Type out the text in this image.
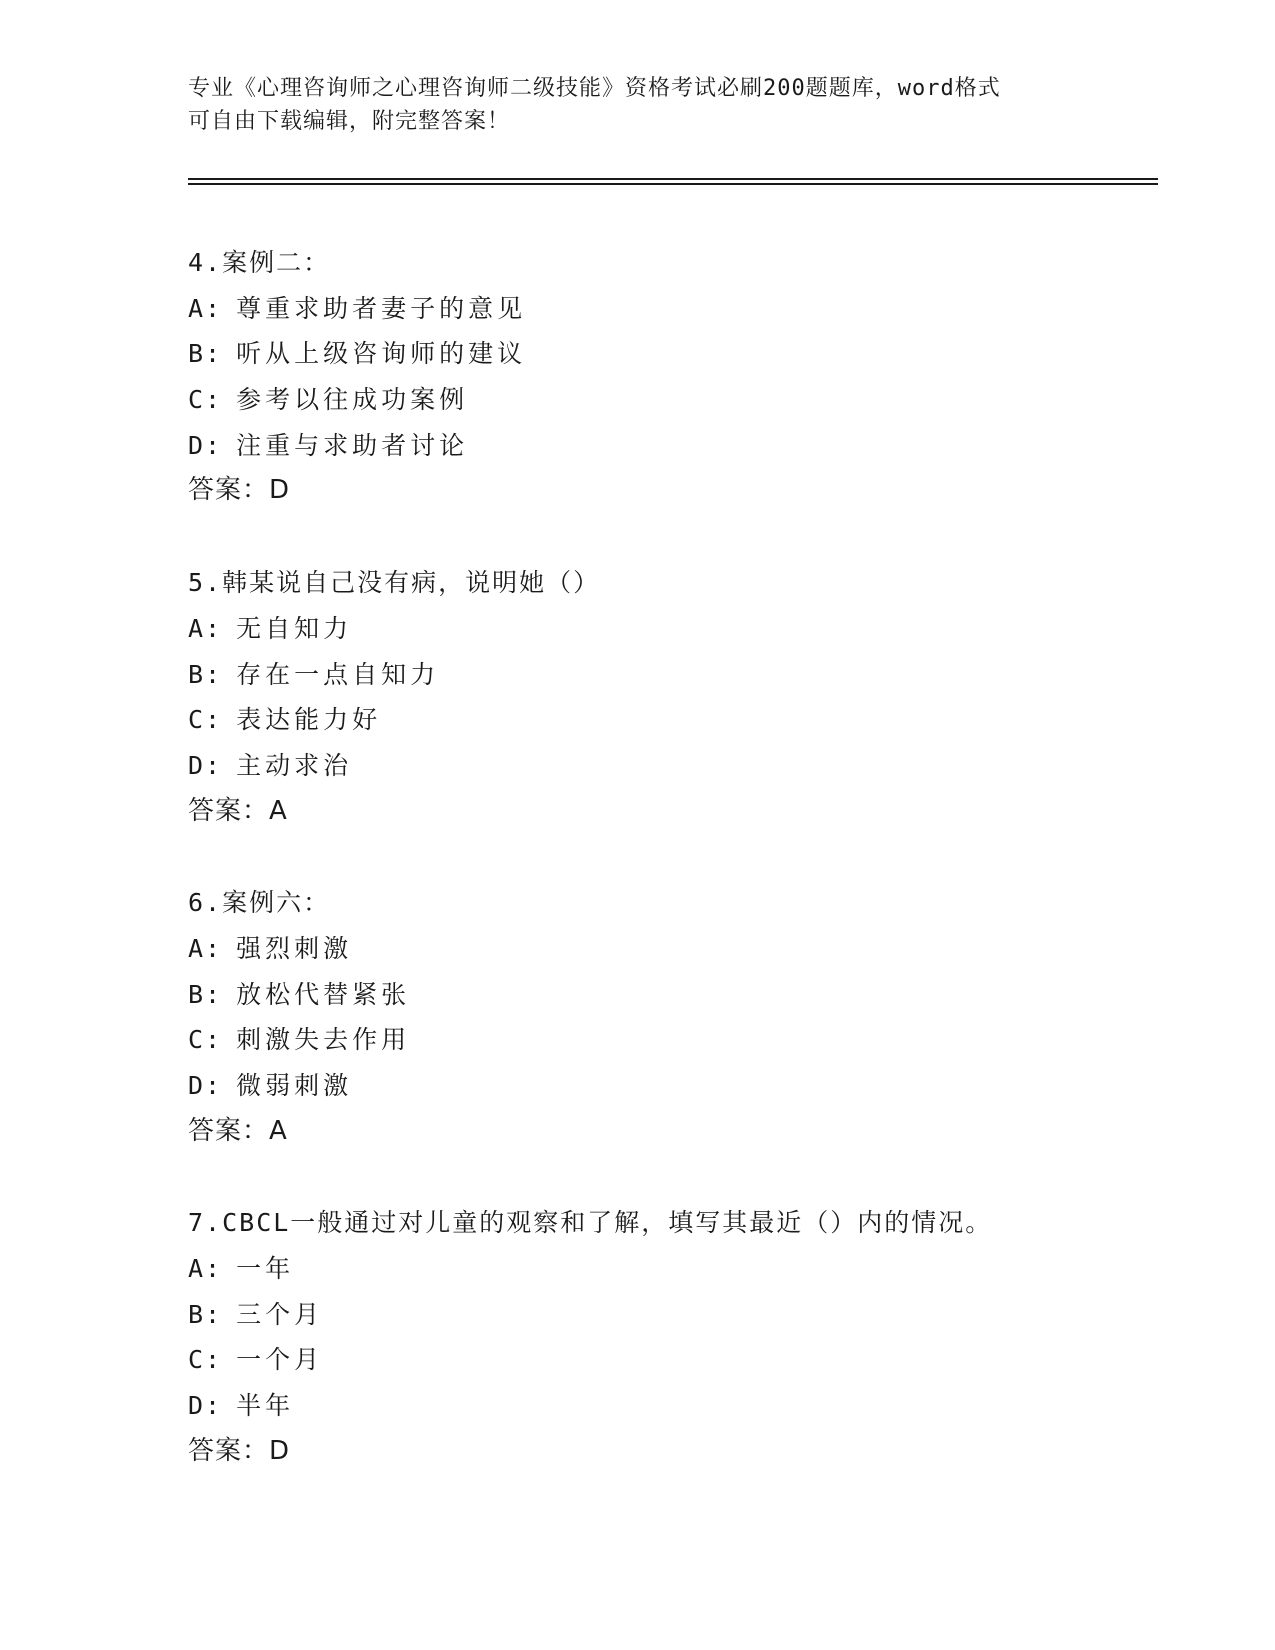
专业《心理咨询师之心理咨询师二级技能》资格考试必刷200题题库，word格式
可自由下载编辑，附完整答案！
4.案例二：
A: 尊重求助者妻子的意见
B: 听从上级咨询师的建议
C: 参考以往成功案例
D: 注重与求助者讨论
答案：D
5.韩某说自己没有病，说明她（）
A: 无自知力
B: 存在一点自知力
C: 表达能力好
D: 主动求治
答案：A
6.案例六：
A: 强烈刺激
B: 放松代替紧张
C: 刺激失去作用
D: 微弱刺激
答案：A
7.CBCL一般通过对儿童的观察和了解，填写其最近（）内的情况。
A: 一年
B: 三个月
C: 一个月
D: 半年
答案：D
